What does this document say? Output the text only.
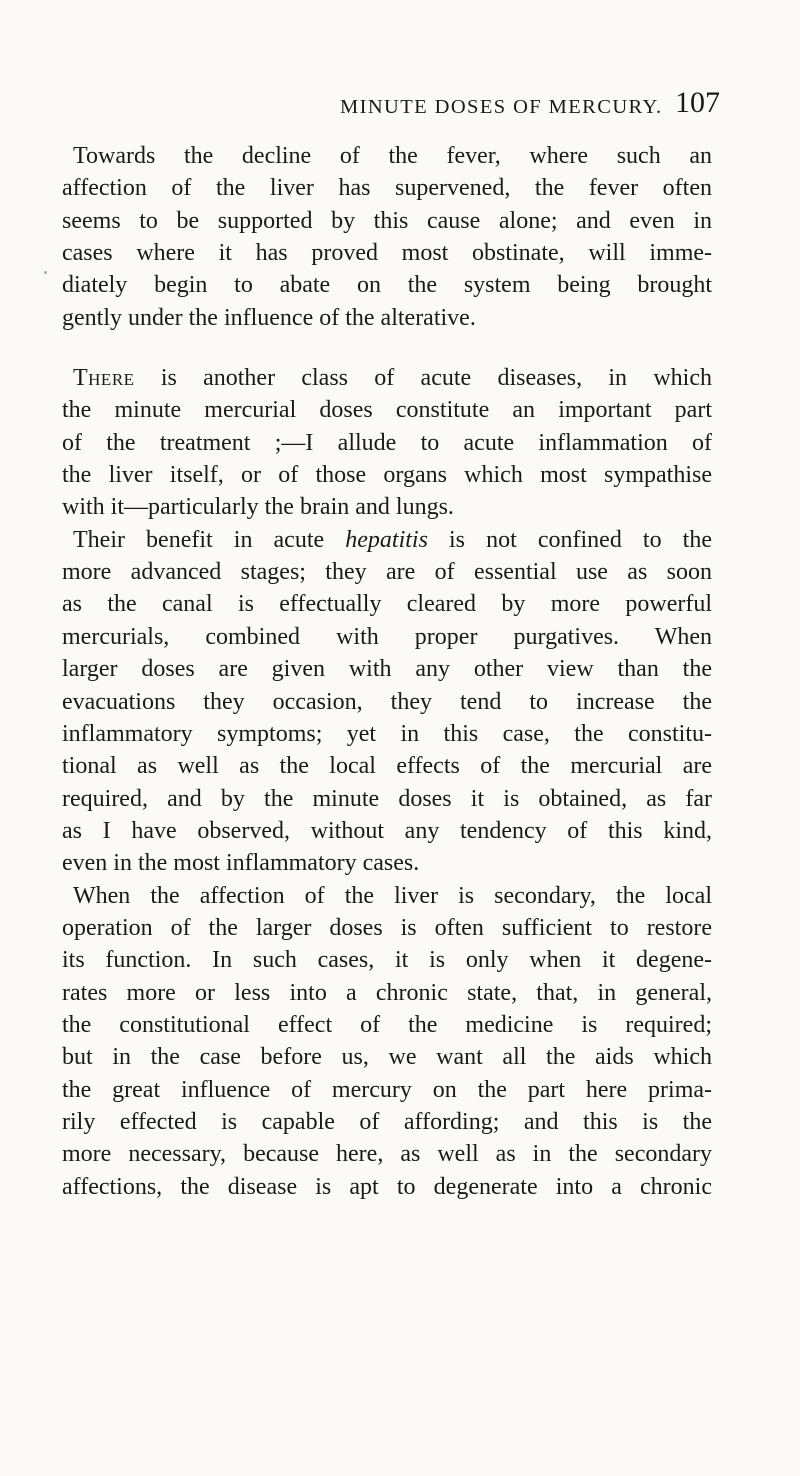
MINUTE DOSES OF MERCURY. 107
Towards the decline of the fever, where such an
affection of the liver has supervened, the fever often
seems to be supported by this cause alone; and even in
cases where it has proved most obstinate, will imme-
diately begin to abate on the system being brought
gently under the influence of the alterative.
There is another class of acute diseases, in which
the minute mercurial doses constitute an important part
of the treatment ;—I allude to acute inflammation of
the liver itself, or of those organs which most sympathise
with it—particularly the brain and lungs.
Their benefit in acute hepatitis is not confined to the
more advanced stages; they are of essential use as soon
as the canal is effectually cleared by more powerful
mercurials, combined with proper purgatives. When
larger doses are given with any other view than the
evacuations they occasion, they tend to increase the
inflammatory symptoms; yet in this case, the constitu-
tional as well as the local effects of the mercurial are
required, and by the minute doses it is obtained, as far
as I have observed, without any tendency of this kind,
even in the most inflammatory cases.
When the affection of the liver is secondary, the local
operation of the larger doses is often sufficient to restore
its function. In such cases, it is only when it degene-
rates more or less into a chronic state, that, in general,
the constitutional effect of the medicine is required;
but in the case before us, we want all the aids which
the great influence of mercury on the part here prima-
rily effected is capable of affording; and this is the
more necessary, because here, as well as in the secondary
affections, the disease is apt to degenerate into a chronic
